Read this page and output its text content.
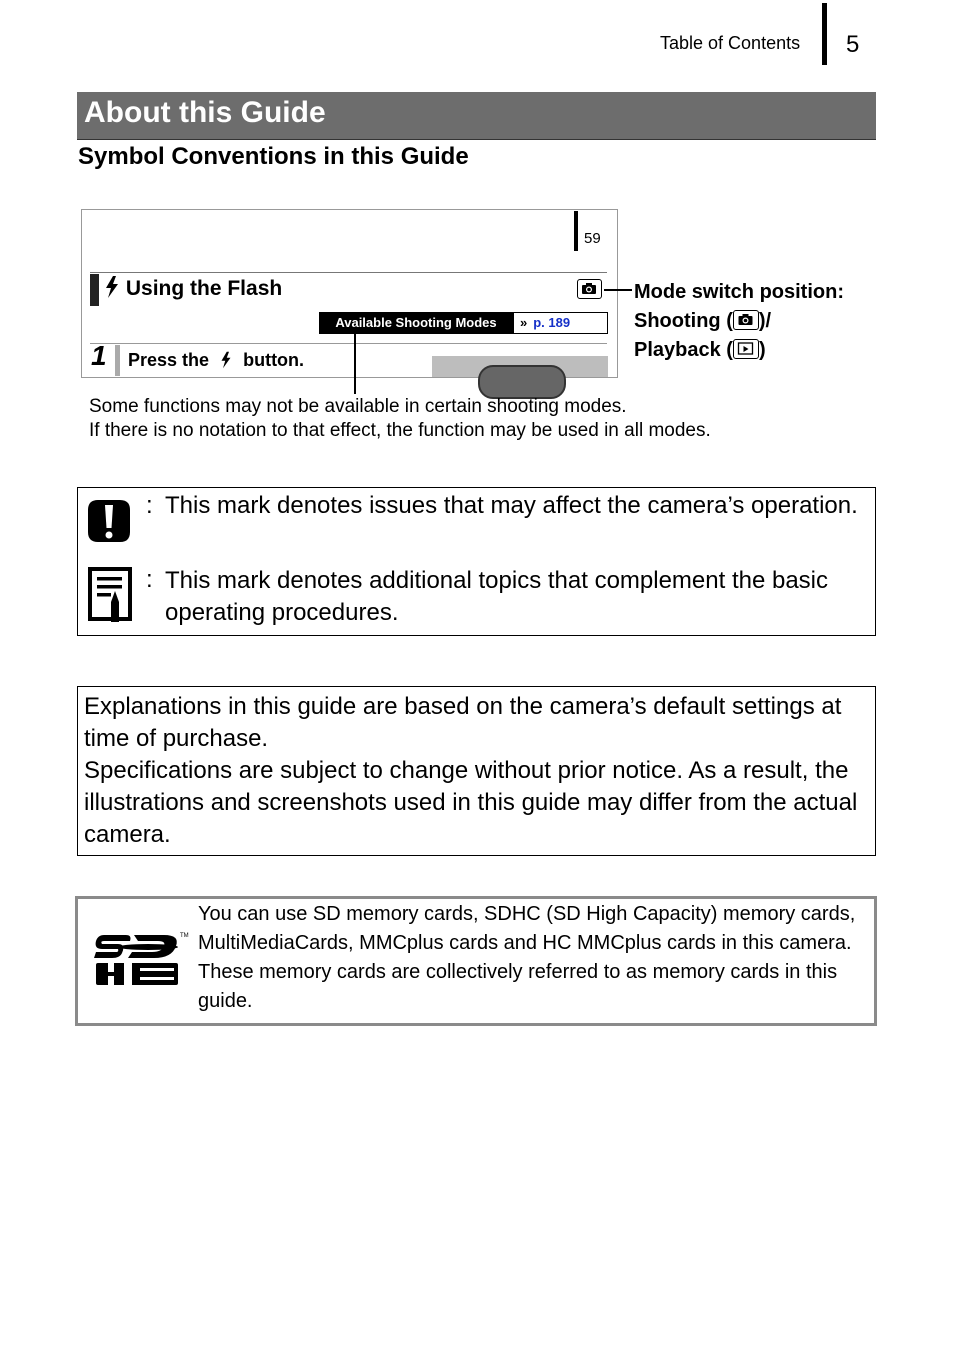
Table of Contents 5
About this Guide
Symbol Conventions in this Guide
59
Using the Flash
Available Shooting Modes	» p. 189
1 Press the button.
Mode switch position:
Shooting ( )/
Playback ( )
Some functions may not be available in certain shooting modes.
If there is no notation to that effect, the function may be used in all modes.
: This mark denotes issues that may affect the camera’s operation.
: This mark denotes additional topics that complement the basic operating procedures.
Explanations in this guide are based on the camera’s default settings at time of purchase.
Specifications are subject to change without prior notice. As a result, the illustrations and screenshots used in this guide may differ from the actual camera.
TM
You can use SD memory cards, SDHC (SD High Capacity) memory cards, MultiMediaCards, MMCplus cards and HC MMCplus cards in this camera. These memory cards are collectively referred to as memory cards in this guide.
